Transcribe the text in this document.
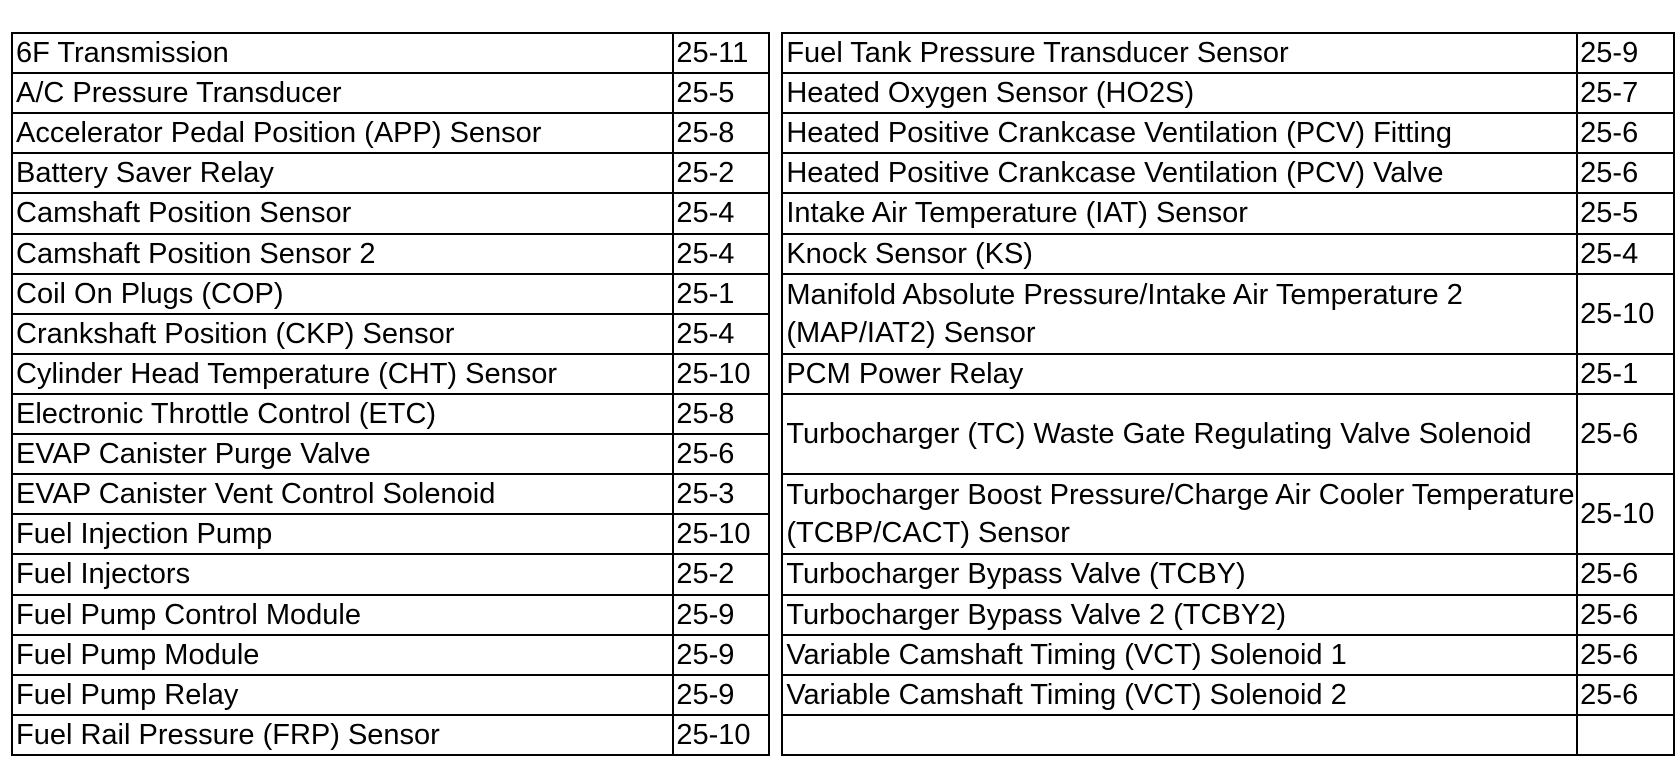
6F Transmission	25-11		Fuel Tank Pressure Transducer Sensor	25-9
A/C Pressure Transducer	25-5		Heated Oxygen Sensor (HO2S)	25-7
Accelerator Pedal Position (APP) Sensor	25-8		Heated Positive Crankcase Ventilation (PCV) Fitting	25-6
Battery Saver Relay	25-2		Heated Positive Crankcase Ventilation (PCV) Valve	25-6
Camshaft Position Sensor	25-4		Intake Air Temperature (IAT) Sensor	25-5
Camshaft Position Sensor 2	25-4		Knock Sensor (KS)	25-4
Coil On Plugs (COP)	25-1		Manifold Absolute Pressure/Intake Air Temperature 2 (MAP/IAT2) Sensor	25-10
Crankshaft Position (CKP) Sensor	25-4			
Cylinder Head Temperature (CHT) Sensor	25-10		PCM Power Relay	25-1
Electronic Throttle Control (ETC)	25-8		Turbocharger (TC) Waste Gate Regulating Valve Solenoid	25-6
EVAP Canister Purge Valve	25-6			
EVAP Canister Vent Control Solenoid	25-3		Turbocharger Boost Pressure/Charge Air Cooler Temperature (TCBP/CACT) Sensor	25-10
Fuel Injection Pump	25-10			
Fuel Injectors	25-2		Turbocharger Bypass Valve (TCBY)	25-6
Fuel Pump Control Module	25-9		Turbocharger Bypass Valve 2 (TCBY2)	25-6
Fuel Pump Module	25-9		Variable Camshaft Timing (VCT) Solenoid 1	25-6
Fuel Pump Relay	25-9		Variable Camshaft Timing (VCT) Solenoid 2	25-6
Fuel Rail Pressure (FRP) Sensor	25-10			
